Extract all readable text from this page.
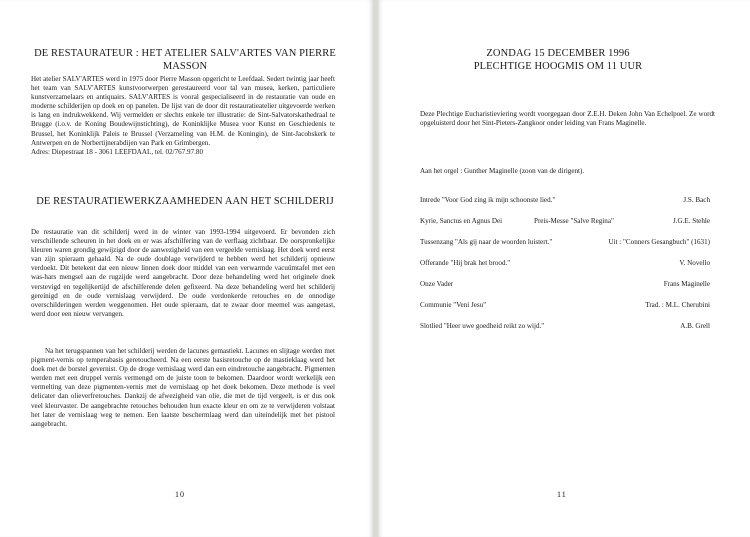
DE RESTAURATEUR : HET ATELIER SALV'ARTES VAN PIERRE MASSON
Het atelier SALV'ARTES werd in 1975 door Pierre Masson opgericht te Leefdaal. Sedert twintig jaar heeft het team van SALV'ARTES kunstvoorwerpen gerestaureerd voor tal van musea, kerken, particuliere kunstverzamelaars en antiquairs. SALV'ARTES is vooral gespecialiseerd in de restauratie van oude en moderne schilderijen op doek en op panelen. De lijst van de door dit restauratieatelier uitgevoerde werken is lang en indrukwekkend. Wij vermelden er slechts enkele ter illustratie: de Sint-Salvatorskathedraal te Brugge (i.o.v. de Koning Boudewijnstichting), de Koninklijke Musea voor Kunst en Geschiedenis te Brussel, het Koninklijk Paleis te Brussel (Verzameling van H.M. de Koningin), de Sint-Jacobskerk te Antwerpen en de Norbertijnerabdijen van Park en Grimbergen.
Adres: Diepestraat 18 - 3061 LEEFDAAL, tel. 02/767.97.80
DE RESTAURATIEWERKZAAMHEDEN AAN HET SCHILDERIJ
De restauratie van dit schilderij werd in de winter van 1993-1994 uitgevoerd. Er bevonden zich verschillende scheuren in het doek en er was afschilfering van de verflaag zichtbaar. De oorspronkelijke kleuren waren grondig gewijzigd door de aanwezigheid van een vergeelde vernislaag. Het doek werd eerst van zijn spieraam gehaald. Na de oude doublage verwijderd te hebben werd het schilderij opnieuw verdoekt. Dit betekent dat een nieuw linnen doek door middel van een verwarmde vacuümtafel met een was-hars mengsel aan de rugzijde werd aangebracht. Door deze behandeling werd het originele doek verstevigd en tegelijkertijd de afschilferende delen gefixeerd. Na deze behandeling werd het schilderij gereinigd en de oude vernislaag verwijderd. De oude verdonkerde retouches en de onnodige overschilderingen werden weggenomen. Het oude spieraam, dat te zwaar door meemel was aangetast, werd door een nieuw vervangen.
Na het terugspannen van het schilderij werden de lacunes gemastiekt. Lacunes en slijtage werden met pigment-vernis op temperabasis geretoucheerd. Na een eerste basisretouche op de mastieklaag werd het doek met de borstel gevernist. Op de droge vernislaag werd dan een eindretouche aangebracht. Pigmenten werden met een druppel vernis vermengd om de juiste toon te bekomen. Daardoor wordt werkelijk een vermelting van deze pigmenten-vernis met de vernislaag op het doek bekomen. Deze methode is veel delicater dan olieverfretouches. Dankzij de afwezigheid van olie, die met de tijd vergeelt, is er dus ook veel kleurvaster. De aangebrachte retouches behouden hun exacte kleur en om ze te verwijderen volstaat het later de vernislaag weg te nemen. Een laatste beschermlaag werd dan uiteindelijk met het pistool aangebracht.
10
ZONDAG 15 DECEMBER 1996
PLECHTIGE HOOGMIS OM 11 UUR
Deze Plechtige Eucharistieviering wordt voorgegaan door Z.E.H. Deken John Van Echelpoel. Ze wordt opgeluisterd door het Sint-Pieters-Zangkoor onder leiding van Frans Maginelle.
Aan het orgel : Gunther Maginelle (zoon van de dirigent).
Intrede "Voor God zing ik mijn schoonste lied."	J.S. Bach
Kyrie, Sanctus en Agnus Dei	Preis-Messe "Salve Regina"	J.G.E. Stehle
Tussenzang "Als gij naar de woorden luistert."	Uit : "Conners Gesangbuch" (1631)
Offerande "Hij brak het brood."	V. Novello
Onze Vader	Frans Maginelle
Communie "Veni Jesu"	Trad. : M.L. Cherubini
Slotlied "Heer uwe goedheid reikt zo wijd."	A.B. Grell
11
